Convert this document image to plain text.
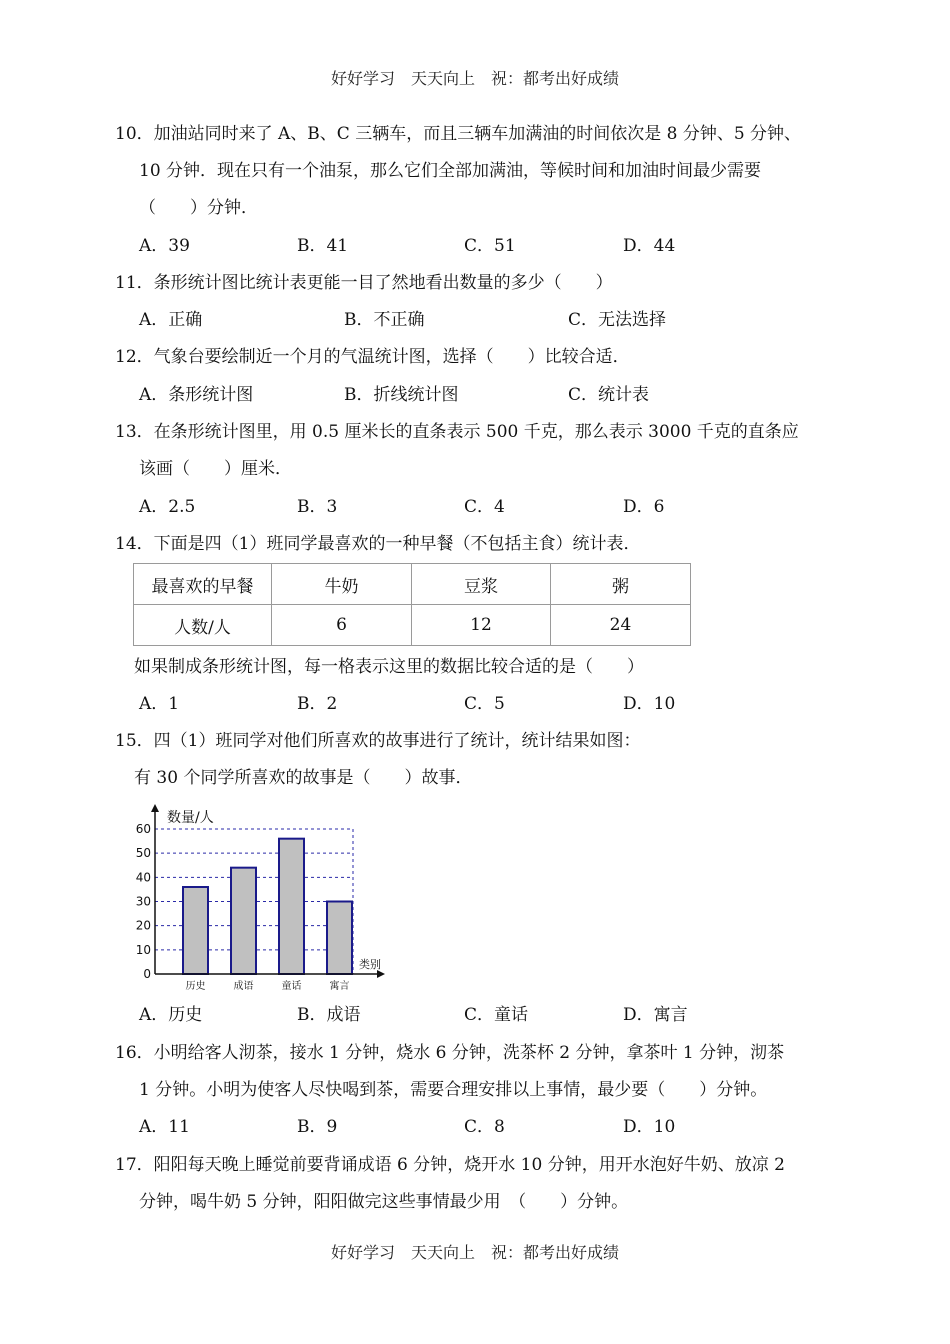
好好学习　天天向上　祝：都考出好成绩
10．加油站同时来了 A、B、C 三辆车，而且三辆车加满油的时间依次是 8 分钟、5 分钟、
10 分钟．现在只有一个油泵，那么它们全部加满油，等候时间和加油时间最少需要
（　　）分钟．
A．39	B．41	C．51	D．44
11．条形统计图比统计表更能一目了然地看出数量的多少（　　）
A．正确	B．不正确	C．无法选择
12．气象台要绘制近一个月的气温统计图，选择（　　）比较合适．
A．条形统计图	B．折线统计图	C．统计表
13．在条形统计图里，用 0.5 厘米长的直条表示 500 千克，那么表示 3000 千克的直条应
该画（　　）厘米．
A．2.5	B．3	C．4	D．6
14．下面是四（1）班同学最喜欢的一种早餐（不包括主食）统计表．
最喜欢的早餐	牛奶	豆浆	粥
人数/人	6	12	24
如果制成条形统计图，每一格表示这里的数据比较合适的是（　　）
A．1	B．2	C．5	D．10
15．四（1）班同学对他们所喜欢的故事进行了统计，统计结果如图：
有 30 个同学所喜欢的故事是（　　）故事．
0
10
20
30
40
50
60
历史	成语	童话	寓言
数量/人
类别
A．历史	B．成语	C．童话	D．寓言
16．小明给客人沏茶，接水 1 分钟，烧水 6 分钟，洗茶杯 2 分钟，拿茶叶 1 分钟，沏茶
1 分钟。小明为使客人尽快喝到茶，需要合理安排以上事情，最少要（　　）分钟。
A．11	B．9	C．8	D．10
17．阳阳每天晚上睡觉前要背诵成语 6 分钟，烧开水 10 分钟，用开水泡好牛奶、放凉 2
分钟，喝牛奶 5 分钟，阳阳做完这些事情最少用　（　　）分钟。
好好学习　天天向上　祝：都考出好成绩
